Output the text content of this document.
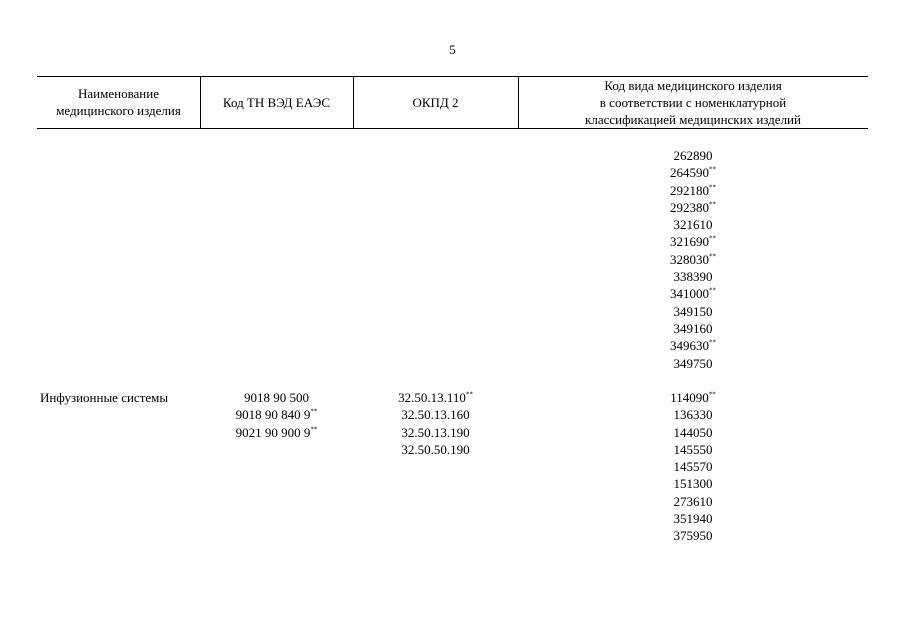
5
Наименование
медицинского изделия
Код ТН ВЭД ЕАЭС	ОКПД 2
Код вида медицинского изделия
в соответствии с номенклатурной
классификацией медицинских изделий
262890
264590**
292180**
292380**
321610
321690**
328030**
338390
341000**
349150
349160
349630**
349750
Инфузионные системы	9018 90 500
9018 90 840 9**
9021 90 900 9**
32.50.13.110**
32.50.13.160
32.50.13.190
32.50.50.190
114090**
136330
144050
145550
145570
151300
273610
351940
375950
